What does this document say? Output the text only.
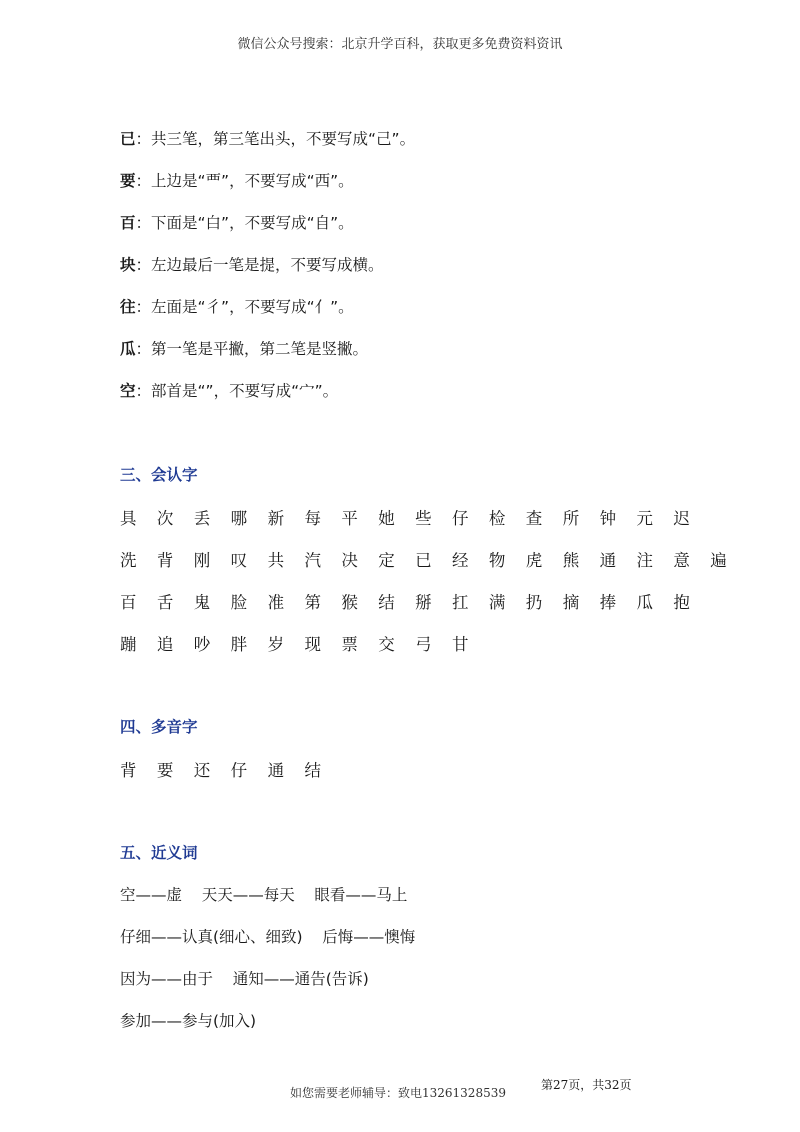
微信公众号搜索：北京升学百科，获取更多免费资料资讯
已：共三笔，第三笔出头，不要写成“己”。
要：上边是“覀”，不要写成“西”。
百：下面是“白”，不要写成“自”。
块：左边最后一笔是提，不要写成横。
往：左面是“彳”，不要写成“亻”。
瓜：第一笔是平撇，第二笔是竖撇。
空：部首是“”，不要写成“宀”。
三、会认字
具 次 丢 哪 新 每 平 她 些 仔 检 查 所 钟 元 迟
洗 背 刚 叹 共 汽 决 定 已 经 物 虎 熊 通 注 意 遍
百 舌 鬼 脸 准 第 猴 结 掰 扛 满 扔 摘 捧 瓜 抱
蹦 追 吵 胖 岁 现 票 交 弓 甘
四、多音字
背 要 还 仔 通 结
五、近义词
空——虚    天天——每天    眼看——马上
仔细——认真(细心、细致)    后悔——懊悔
因为——由于    通知——通告(告诉)
参加——参与(加入)
如您需要老师辅导：致电13261328539
第27页，共32页
